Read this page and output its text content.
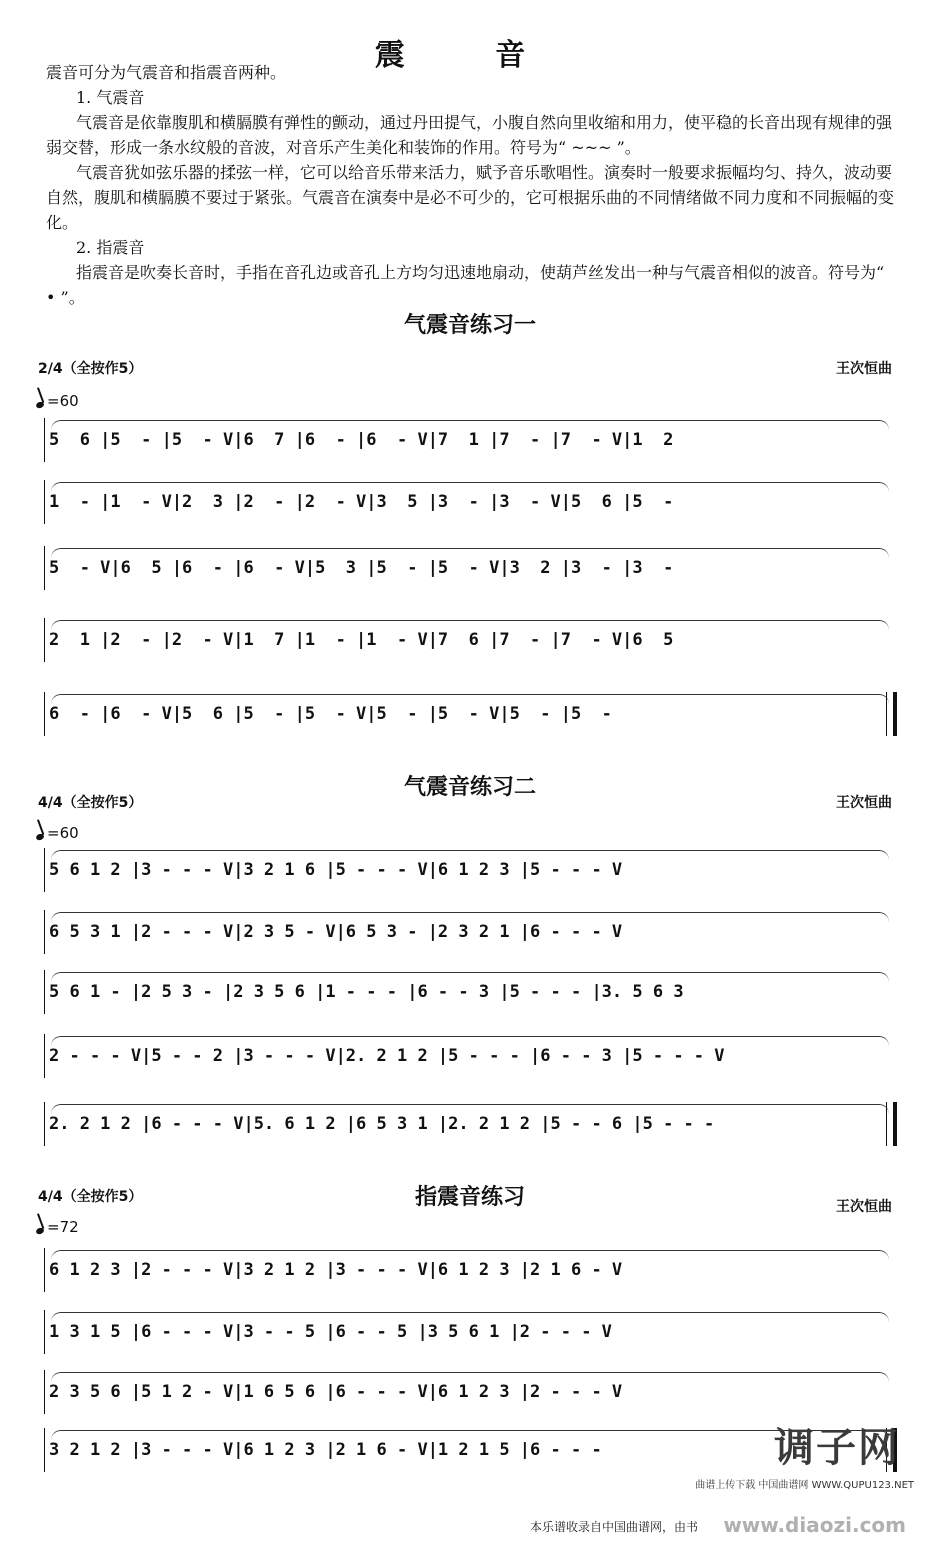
震 音

震音可分为气震音和指震音两种。

1. 气震音

气震音是依靠腹肌和横膈膜有弹性的颤动，通过丹田提气，小腹自然向里收缩和用力，使平稳的长音出现有规律的强弱交替，形成一条水纹般的音波，对音乐产生美化和装饰的作用。符号为“ ~~~ ”。

气震音犹如弦乐器的揉弦一样，它可以给音乐带来活力，赋予音乐歌唱性。演奏时一般要求振幅均匀、持久，波动要自然，腹肌和横膈膜不要过于紧张。气震音在演奏中是必不可少的，它可根据乐曲的不同情绪做不同力度和不同振幅的变化。

2. 指震音

指震音是吹奏长音时，手指在音孔边或音孔上方均匀迅速地扇动，使葫芦丝发出一种与气震音相似的波音。符号为“ • ”。

气震音练习一
2/4（全按作5）	王次恒曲
=60
5  6 |5  - |5  - V|6  7 |6  - |6  - V|7  1 |7  - |7  - V|1  2
1  - |1  - V|2  3 |2  - |2  - V|3  5 |3  - |3  - V|5  6 |5  -
5  - V|6  5 |6  - |6  - V|5  3 |5  - |5  - V|3  2 |3  - |3  -
2  1 |2  - |2  - V|1  7 |1  - |1  - V|7  6 |7  - |7  - V|6  5
6  - |6  - V|5  6 |5  - |5  - V|5  - |5  - V|5  - |5  -
气震音练习二
4/4（全按作5）	王次恒曲
=60
5 6 1 2 |3 - - - V|3 2 1 6 |5 - - - V|6 1 2 3 |5 - - - V
6 5 3 1 |2 - - - V|2 3 5 - V|6 5 3 - |2 3 2 1 |6 - - - V
5 6 1 - |2 5 3 - |2 3 5 6 |1 - - - |6 - - 3 |5 - - - |3. 5 6 3
2 - - - V|5 - - 2 |3 - - - V|2. 2 1 2 |5 - - - |6 - - 3 |5 - - - V
2. 2 1 2 |6 - - - V|5. 6 1 2 |6 5 3 1 |2. 2 1 2 |5 - - 6 |5 - - -
指震音练习
4/4（全按作5）
王次恒曲
=72
6 1 2 3 |2 - - - V|3 2 1 2 |3 - - - V|6 1 2 3 |2 1 6 - V
1 3 1 5 |6 - - - V|3 - - 5 |6 - - 5 |3 5 6 1 |2 - - - V
2 3 5 6 |5 1 2 - V|1 6 5 6 |6 - - - V|6 1 2 3 |2 - - - V
3 2 1 2 |3 - - - V|6 1 2 3 |2 1 6 - V|1 2 1 5 |6 - - -	调子网
曲谱上传下载 中国曲谱网 WWW.QUPU123.NET
本乐谱收录自中国曲谱网，由书 www.diaozi.com
